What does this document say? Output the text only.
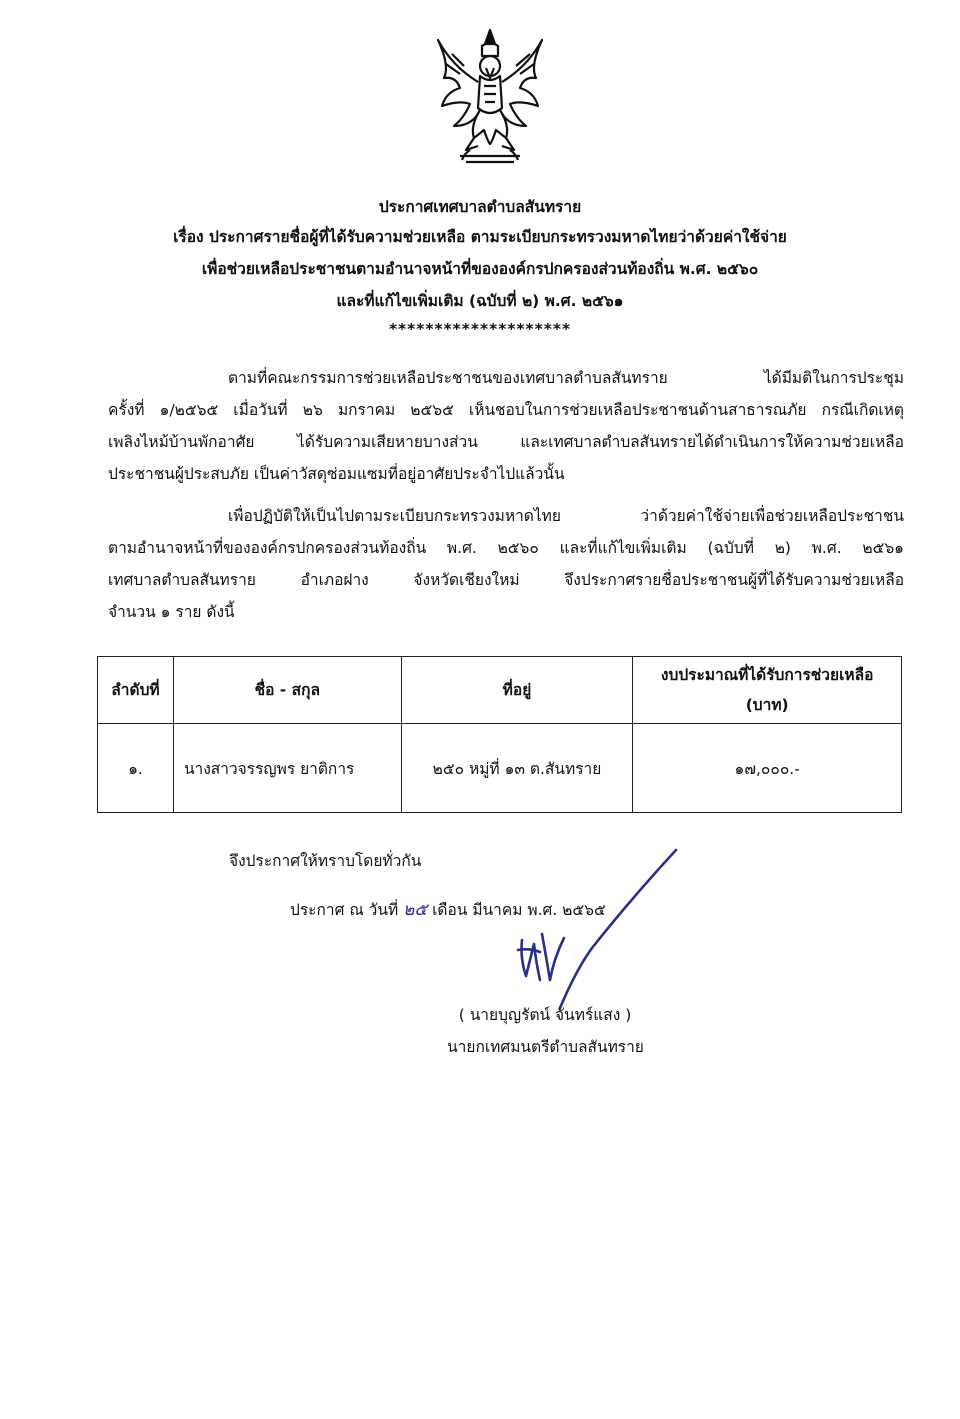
ประกาศเทศบาลตำบลสันทราย
เรื่อง ประกาศรายชื่อผู้ที่ได้รับความช่วยเหลือ ตามระเบียบกระทรวงมหาดไทยว่าด้วยค่าใช้จ่าย
เพื่อช่วยเหลือประชาชนตามอำนาจหน้าที่ขององค์กรปกครองส่วนท้องถิ่น พ.ศ. ๒๕๖๐
และที่แก้ไขเพิ่มเติม (ฉบับที่ ๒) พ.ศ. ๒๕๖๑
********************
ตามที่คณะกรรมการช่วยเหลือประชาชนของเทศบาลตำบลสันทราย ได้มีมติในการประชุม
ครั้งที่ ๑/๒๕๖๕ เมื่อวันที่ ๒๖ มกราคม ๒๕๖๕ เห็นชอบในการช่วยเหลือประชาชนด้านสาธารณภัย กรณีเกิดเหตุ
เพลิงไหม้บ้านพักอาศัย ได้รับความเสียหายบางส่วน และเทศบาลตำบลสันทรายได้ดำเนินการให้ความช่วยเหลือ
ประชาชนผู้ประสบภัย เป็นค่าวัสดุซ่อมแซมที่อยู่อาศัยประจำไปแล้วนั้น
เพื่อปฏิบัติให้เป็นไปตามระเบียบกระทรวงมหาดไทย ว่าด้วยค่าใช้จ่ายเพื่อช่วยเหลือประชาชน
ตามอำนาจหน้าที่ขององค์กรปกครองส่วนท้องถิ่น พ.ศ. ๒๕๖๐ และที่แก้ไขเพิ่มเติม (ฉบับที่ ๒) พ.ศ. ๒๕๖๑
เทศบาลตำบลสันทราย อำเภอฝาง จังหวัดเชียงใหม่ จึงประกาศรายชื่อประชาชนผู้ที่ได้รับความช่วยเหลือ
จำนวน ๑ ราย ดังนี้
ลำดับที่	ชื่อ - สกุล	ที่อยู่	งบประมาณที่ได้รับการช่วยเหลือ
(บาท)

๑.	นางสาวจรรญพร ยาติการ	๒๕๐ หมู่ที่ ๑๓ ต.สันทราย	๑๗,๐๐๐.-
จึงประกาศให้ทราบโดยทั่วกัน
ประกาศ ณ วันที่ ๒๕ เดือน มีนาคม พ.ศ. ๒๕๖๕
( นายบุญรัตน์ จันทร์แสง )
นายกเทศมนตรีตำบลสันทราย
